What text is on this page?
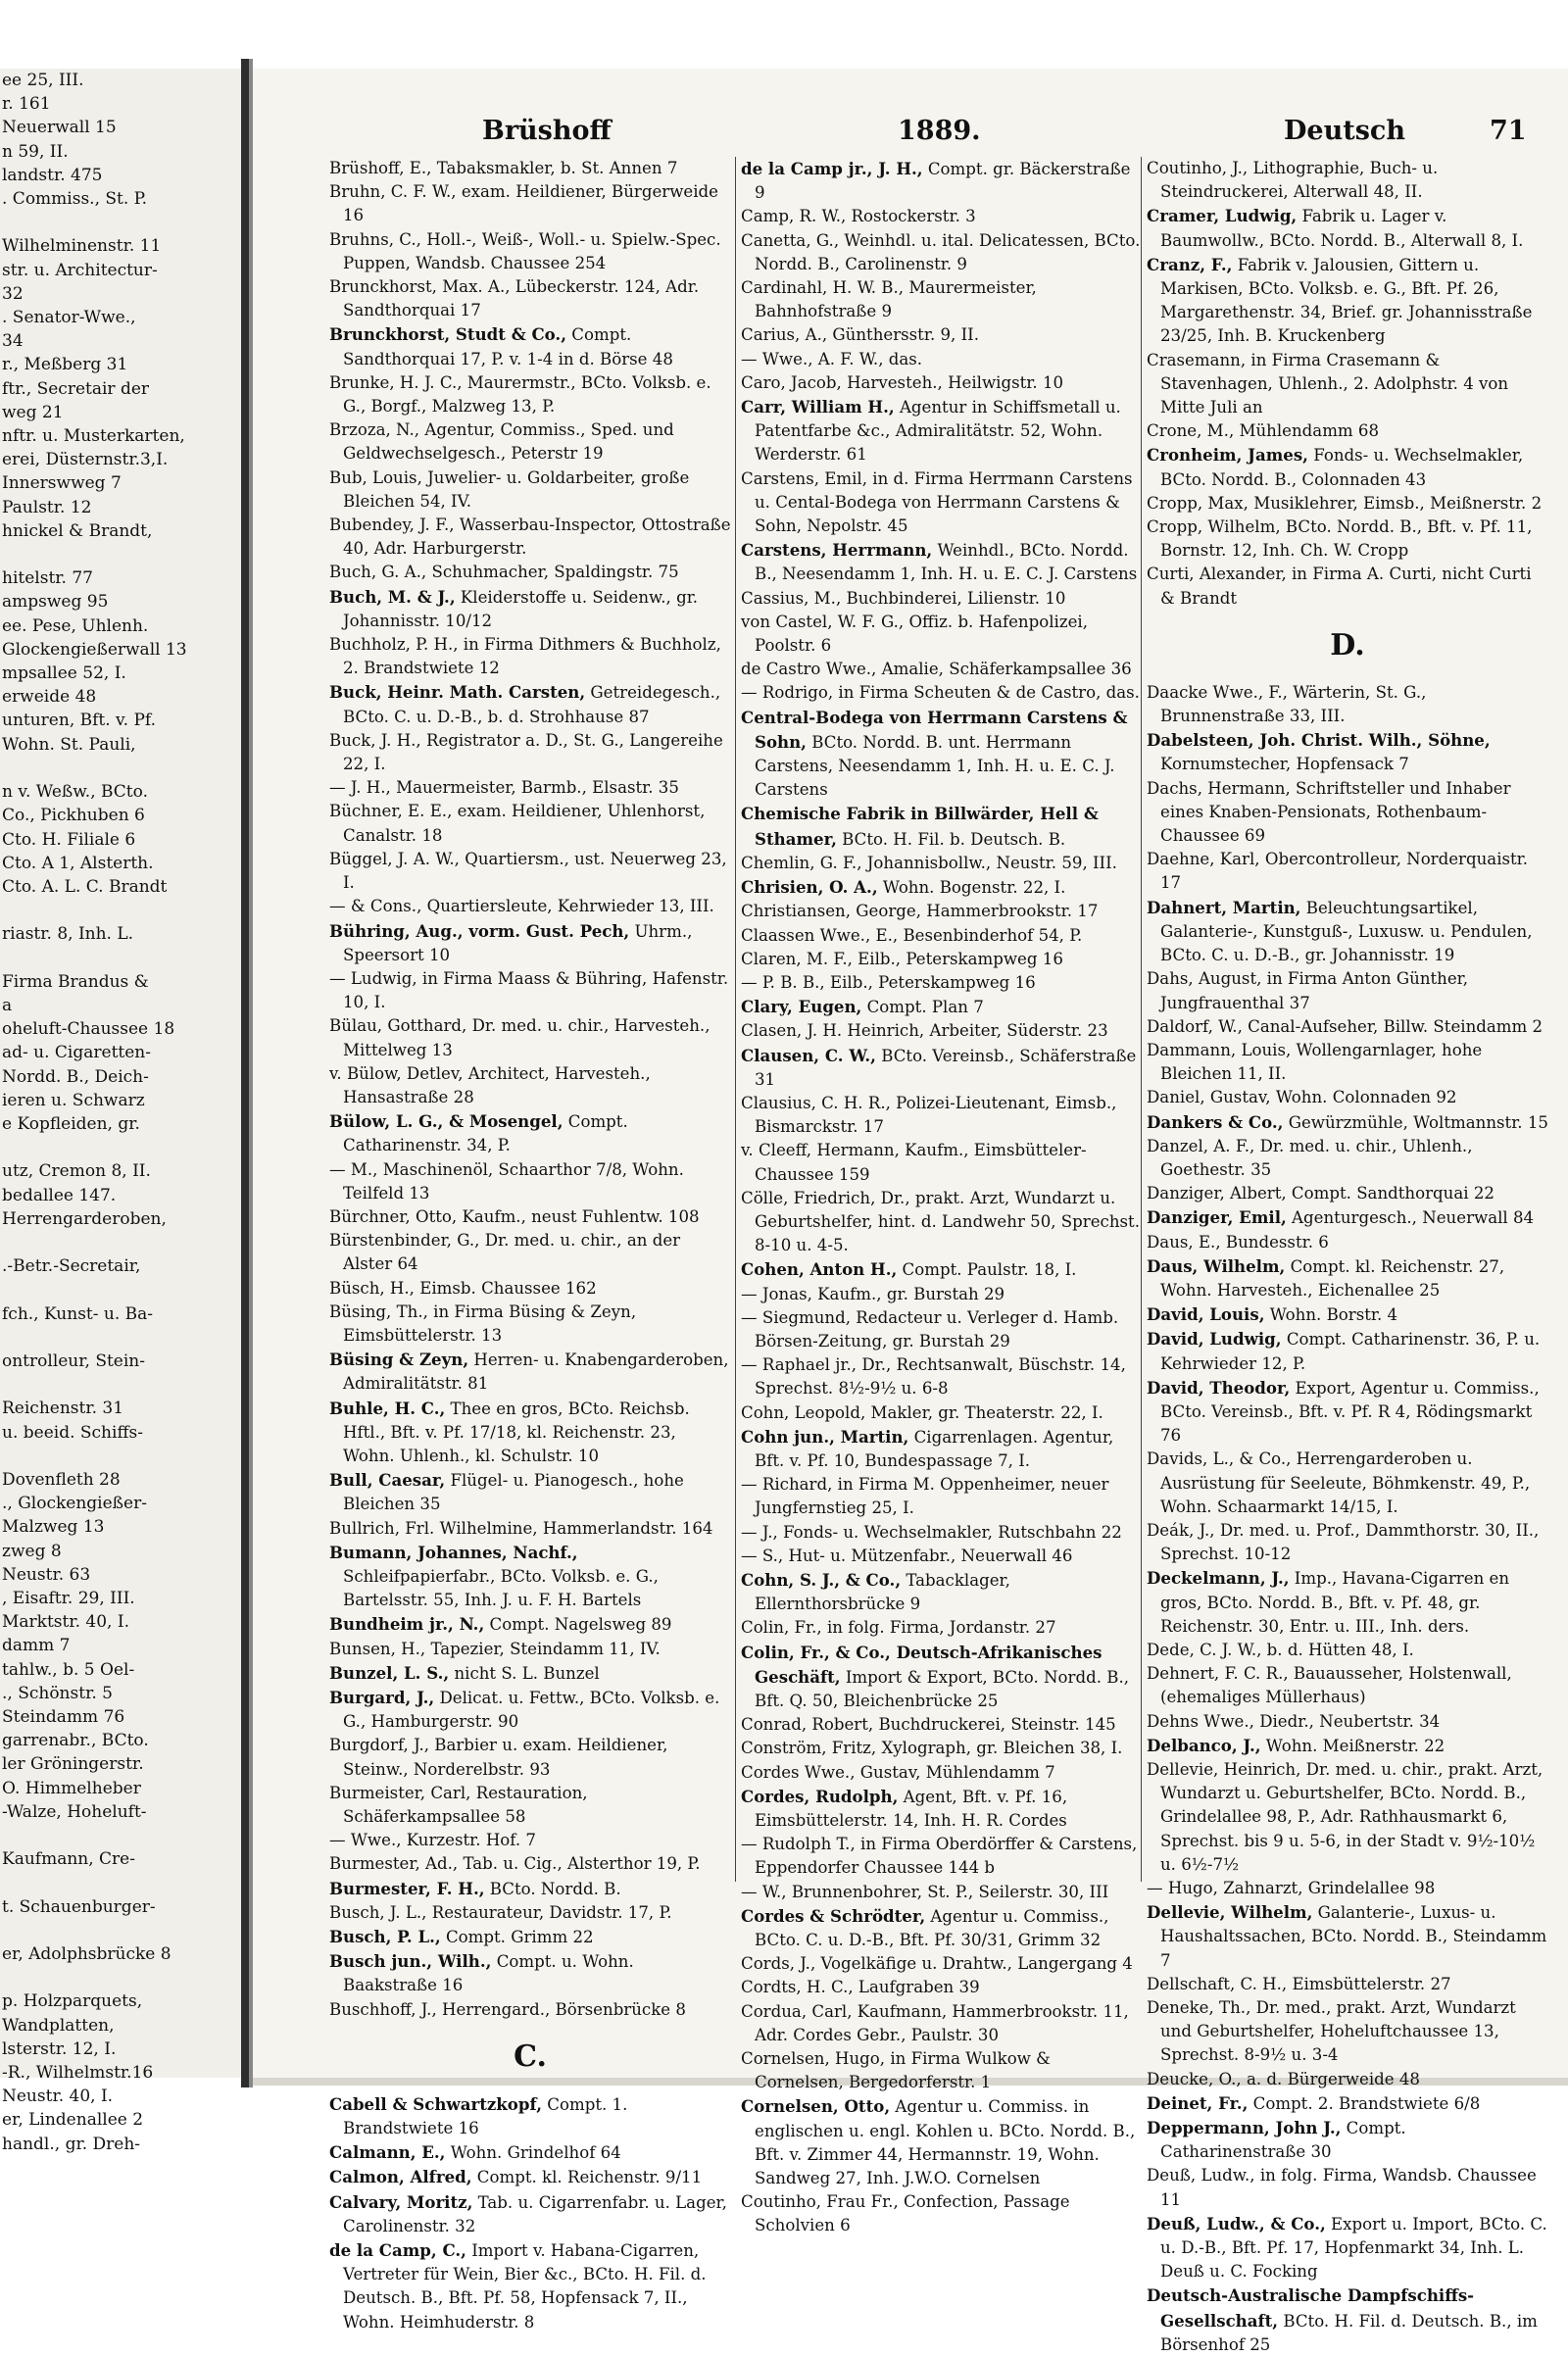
ee 25, III.
r. 161
Neuerwall 15
n 59, II.
landstr. 475
. Commiss., St. P.

Wilhelminenstr. 11
str. u. Architectur-
32
. Senator-Wwe.,
34
r., Meßberg 31
ftr., Secretair der
weg 21
nftr. u. Musterkarten,
erei, Düsternstr.3,I.
Innerswweg 7
Paulstr. 12
hnickel & Brandt,

hitelstr. 77
ampsweg 95
ee. Pese, Uhlenh.
Glockengießerwall 13
mpsallee 52, I.
erweide 48
unturen, Bft. v. Pf.
Wohn. St. Pauli,

n v. Weßw., BCto.
Co., Pickhuben 6
Cto. H. Filiale 6
Cto. A 1, Alsterth.
Cto. A. L. C. Brandt

riastr. 8, Inh. L.

Firma Brandus &
a
oheluft-Chaussee 18
ad- u. Cigaretten-
Nordd. B., Deich-
ieren u. Schwarz
e Kopfleiden, gr.

utz, Cremon 8, II.
bedallee 147.
Herrengarderoben,

.-Betr.-Secretair,

fch., Kunst- u. Ba-

ontrolleur, Stein-

Reichenstr. 31
u. beeid. Schiffs-

Dovenfleth 28
., Glockengießer-
Malzweg 13
zweg 8
Neustr. 63
, Eisaftr. 29, III.
Marktstr. 40, I.
damm 7
tahlw., b. 5 Oel-
., Schönstr. 5
Steindamm 76
garrenabr., BCto.
ler Gröningerstr.
O. Himmelheber
-Walze, Hoheluft-

Kaufmann, Cre-

t. Schauenburger-

er, Adolphsbrücke 8

p. Holzparquets,
Wandplatten,
lsterstr. 12, I.
-R., Wilhelmstr.16
Neustr. 40, I.
er, Lindenallee 2
handl., gr. Dreh-
Brüshoff	1889.	Deutsch	71
Brüshoff, E., Tabaksmakler, b. St. Annen 7
Bruhn, C. F. W., exam. Heildiener, Bürgerweide 16
Bruhns, C., Holl.-, Weiß-, Woll.- u. Spielw.-Spec. Puppen, Wandsb. Chaussee 254
Brunckhorst, Max. A., Lübeckerstr. 124, Adr. Sandthorquai 17
Brunckhorst, Studt & Co., Compt. Sandthorquai 17, P. v. 1-4 in d. Börse 48
Brunke, H. J. C., Maurermstr., BCto. Volksb. e. G., Borgf., Malzweg 13, P.
Brzoza, N., Agentur, Commiss., Sped. und Geldwechselgesch., Peterstr 19
Bub, Louis, Juwelier- u. Goldarbeiter, große Bleichen 54, IV.
Bubendey, J. F., Wasserbau-Inspector, Ottostraße 40, Adr. Harburgerstr.
Buch, G. A., Schuhmacher, Spaldingstr. 75
Buch, M. & J., Kleiderstoffe u. Seidenw., gr. Johannisstr. 10/12
Buchholz, P. H., in Firma Dithmers & Buchholz, 2. Brandstwiete 12
Buck, Heinr. Math. Carsten, Getreidegesch., BCto. C. u. D.-B., b. d. Strohhause 87
Buck, J. H., Registrator a. D., St. G., Langereihe 22, I.
— J. H., Mauermeister, Barmb., Elsastr. 35
Büchner, E. E., exam. Heildiener, Uhlenhorst, Canalstr. 18
Büggel, J. A. W., Quartiersm., ust. Neuerweg 23, I.
— & Cons., Quartiersleute, Kehrwieder 13, III.
Bühring, Aug., vorm. Gust. Pech, Uhrm., Speersort 10
— Ludwig, in Firma Maass & Bühring, Hafenstr. 10, I.
Bülau, Gotthard, Dr. med. u. chir., Harvesteh., Mittelweg 13
v. Bülow, Detlev, Architect, Harvesteh., Hansastraße 28
Bülow, L. G., & Mosengel, Compt. Catharinenstr. 34, P.
— M., Maschinenöl, Schaarthor 7/8, Wohn. Teilfeld 13
Bürchner, Otto, Kaufm., neust Fuhlentw. 108
Bürstenbinder, G., Dr. med. u. chir., an der Alster 64
Büsch, H., Eimsb. Chaussee 162
Büsing, Th., in Firma Büsing & Zeyn, Eimsbüttelerstr. 13
Büsing & Zeyn, Herren- u. Knabengarderoben, Admiralitätstr. 81
Buhle, H. C., Thee en gros, BCto. Reichsb. Hftl., Bft. v. Pf. 17/18, kl. Reichenstr. 23, Wohn. Uhlenh., kl. Schulstr. 10
Bull, Caesar, Flügel- u. Pianogesch., hohe Bleichen 35
Bullrich, Frl. Wilhelmine, Hammerlandstr. 164
Bumann, Johannes, Nachf., Schleifpapierfabr., BCto. Volksb. e. G., Bartelsstr. 55, Inh. J. u. F. H. Bartels
Bundheim jr., N., Compt. Nagelsweg 89
Bunsen, H., Tapezier, Steindamm 11, IV.
Bunzel, L. S., nicht S. L. Bunzel
Burgard, J., Delicat. u. Fettw., BCto. Volksb. e. G., Hamburgerstr. 90
Burgdorf, J., Barbier u. exam. Heildiener, Steinw., Norderelbstr. 93
Burmeister, Carl, Restauration, Schäferkampsallee 58
— Wwe., Kurzestr. Hof. 7
Burmester, Ad., Tab. u. Cig., Alsterthor 19, P.
Burmester, F. H., BCto. Nordd. B.
Busch, J. L., Restaurateur, Davidstr. 17, P.
Busch, P. L., Compt. Grimm 22
Busch jun., Wilh., Compt. u. Wohn. Baakstraße 16
Buschhoff, J., Herrengard., Börsenbrücke 8
C.
Cabell & Schwartzkopf, Compt. 1. Brandstwiete 16
Calmann, E., Wohn. Grindelhof 64
Calmon, Alfred, Compt. kl. Reichenstr. 9/11
Calvary, Moritz, Tab. u. Cigarrenfabr. u. Lager, Carolinenstr. 32
de la Camp, C., Import v. Habana-Cigarren, Vertreter für Wein, Bier &c., BCto. H. Fil. d. Deutsch. B., Bft. Pf. 58, Hopfensack 7, II., Wohn. Heimhuderstr. 8
de la Camp jr., J. H., Compt. gr. Bäckerstraße 9
Camp, R. W., Rostockerstr. 3
Canetta, G., Weinhdl. u. ital. Delicatessen, BCto. Nordd. B., Carolinenstr. 9
Cardinahl, H. W. B., Maurermeister, Bahnhofstraße 9
Carius, A., Günthersstr. 9, II.
— Wwe., A. F. W., das.
Caro, Jacob, Harvesteh., Heilwigstr. 10
Carr, William H., Agentur in Schiffsmetall u. Patentfarbe &c., Admiralitätstr. 52, Wohn. Werderstr. 61
Carstens, Emil, in d. Firma Herrmann Carstens u. Cental-Bodega von Herrmann Carstens & Sohn, Nepolstr. 45
Carstens, Herrmann, Weinhdl., BCto. Nordd. B., Neesendamm 1, Inh. H. u. E. C. J. Carstens
Cassius, M., Buchbinderei, Lilienstr. 10
von Castel, W. F. G., Offiz. b. Hafenpolizei, Poolstr. 6
de Castro Wwe., Amalie, Schäferkampsallee 36
— Rodrigo, in Firma Scheuten & de Castro, das.
Central-Bodega von Herrmann Carstens & Sohn, BCto. Nordd. B. unt. Herrmann Carstens, Neesendamm 1, Inh. H. u. E. C. J. Carstens
Chemische Fabrik in Billwärder, Hell & Sthamer, BCto. H. Fil. b. Deutsch. B.
Chemlin, G. F., Johannisbollw., Neustr. 59, III.
Chrisien, O. A., Wohn. Bogenstr. 22, I.
Christiansen, George, Hammerbrookstr. 17
Claassen Wwe., E., Besenbinderhof 54, P.
Claren, M. F., Eilb., Peterskampweg 16
— P. B. B., Eilb., Peterskampweg 16
Clary, Eugen, Compt. Plan 7
Clasen, J. H. Heinrich, Arbeiter, Süderstr. 23
Clausen, C. W., BCto. Vereinsb., Schäferstraße 31
Clausius, C. H. R., Polizei-Lieutenant, Eimsb., Bismarckstr. 17
v. Cleeff, Hermann, Kaufm., Eimsbütteler-Chaussee 159
Cölle, Friedrich, Dr., prakt. Arzt, Wundarzt u. Geburtshelfer, hint. d. Landwehr 50, Sprechst. 8-10 u. 4-5.
Cohen, Anton H., Compt. Paulstr. 18, I.
— Jonas, Kaufm., gr. Burstah 29
— Siegmund, Redacteur u. Verleger d. Hamb. Börsen-Zeitung, gr. Burstah 29
— Raphael jr., Dr., Rechtsanwalt, Büschstr. 14, Sprechst. 8½-9½ u. 6-8
Cohn, Leopold, Makler, gr. Theaterstr. 22, I.
Cohn jun., Martin, Cigarrenlagen. Agentur, Bft. v. Pf. 10, Bundespassage 7, I.
— Richard, in Firma M. Oppenheimer, neuer Jungfernstieg 25, I.
— J., Fonds- u. Wechselmakler, Rutschbahn 22
— S., Hut- u. Mützenfabr., Neuerwall 46
Cohn, S. J., & Co., Tabacklager, Ellernthorsbrücke 9
Colin, Fr., in folg. Firma, Jordanstr. 27
Colin, Fr., & Co., Deutsch-Afrikanisches Geschäft, Import & Export, BCto. Nordd. B., Bft. Q. 50, Bleichenbrücke 25
Conrad, Robert, Buchdruckerei, Steinstr. 145
Conström, Fritz, Xylograph, gr. Bleichen 38, I.
Cordes Wwe., Gustav, Mühlendamm 7
Cordes, Rudolph, Agent, Bft. v. Pf. 16, Eimsbüttelerstr. 14, Inh. H. R. Cordes
— Rudolph T., in Firma Oberdörffer & Carstens, Eppendorfer Chaussee 144 b
— W., Brunnenbohrer, St. P., Seilerstr. 30, III
Cordes & Schrödter, Agentur u. Commiss., BCto. C. u. D.-B., Bft. Pf. 30/31, Grimm 32
Cords, J., Vogelkäfige u. Drahtw., Langergang 4
Cordts, H. C., Laufgraben 39
Corduа, Carl, Kaufmann, Hammerbrookstr. 11, Adr. Cordes Gebr., Paulstr. 30
Cornelsen, Hugo, in Firma Wulkow & Cornelsen, Bergedorferstr. 1
Cornelsen, Otto, Agentur u. Commiss. in englischen u. engl. Kohlen u. BCto. Nordd. B., Bft. v. Zimmer 44, Hermannstr. 19, Wohn. Sandweg 27, Inh. J.W.O. Cornelsen
Coutinho, Frau Fr., Confection, Passage Scholvien 6
Coutinho, J., Lithographie, Buch- u. Steindruckerei, Alterwall 48, II.
Cramer, Ludwig, Fabrik u. Lager v. Baumwollw., BCto. Nordd. B., Alterwall 8, I.
Cranz, F., Fabrik v. Jalousien, Gittern u. Markisen, BCto. Volksb. e. G., Bft. Pf. 26, Margarethenstr. 34, Brief. gr. Johannisstraße 23/25, Inh. B. Kruckenberg
Crasemann, in Firma Crasemann & Stavenhagen, Uhlenh., 2. Adolphstr. 4 von Mitte Juli an
Crone, M., Mühlendamm 68
Cronheim, James, Fonds- u. Wechselmakler, BCto. Nordd. B., Colonnaden 43
Cropp, Max, Musiklehrer, Eimsb., Meißnerstr. 2
Cropp, Wilhelm, BCto. Nordd. B., Bft. v. Pf. 11, Bornstr. 12, Inh. Ch. W. Cropp
Curti, Alexander, in Firma A. Curti, nicht Curti & Brandt
D.
Daacke Wwe., F., Wärterin, St. G., Brunnenstraße 33, III.
Dabelsteen, Joh. Christ. Wilh., Söhne, Kornumstecher, Hopfensack 7
Dachs, Hermann, Schriftsteller und Inhaber eines Knaben-Pensionats, Rothenbaum-Chaussee 69
Daehne, Karl, Obercontrolleur, Norderquaistr. 17
Dahnert, Martin, Beleuchtungsartikel, Galanterie-, Kunstguß-, Luxusw. u. Pendulen, BCto. C. u. D.-B., gr. Johannisstr. 19
Dahs, August, in Firma Anton Günther, Jungfrauenthal 37
Daldorf, W., Canal-Aufseher, Billw. Steindamm 2
Dammann, Louis, Wollengarnlager, hohe Bleichen 11, II.
Daniel, Gustav, Wohn. Colonnaden 92
Dankers & Co., Gewürzmühle, Woltmannstr. 15
Danzel, A. F., Dr. med. u. chir., Uhlenh., Goethestr. 35
Danziger, Albert, Compt. Sandthorquai 22
Danziger, Emil, Agenturgesch., Neuerwall 84
Daus, E., Bundesstr. 6
Daus, Wilhelm, Compt. kl. Reichenstr. 27, Wohn. Harvesteh., Eichenallee 25
David, Louis, Wohn. Borstr. 4
David, Ludwig, Compt. Catharinenstr. 36, P. u. Kehrwieder 12, P.
David, Theodor, Export, Agentur u. Commiss., BCto. Vereinsb., Bft. v. Pf. R 4, Rödingsmarkt 76
Davids, L., & Co., Herrengarderoben u. Ausrüstung für Seeleute, Böhmkenstr. 49, P., Wohn. Schaarmarkt 14/15, I.
Deák, J., Dr. med. u. Prof., Dammthorstr. 30, II., Sprechst. 10-12
Deckelmann, J., Imp., Havana-Cigarren en gros, BCto. Nordd. B., Bft. v. Pf. 48, gr. Reichenstr. 30, Entr. u. III., Inh. ders.
Dede, C. J. W., b. d. Hütten 48, I.
Dehnert, F. C. R., Bauausseher, Holstenwall, (ehemaliges Müllerhaus)
Dehns Wwe., Diedr., Neubertstr. 34
Delbanco, J., Wohn. Meißnerstr. 22
Dellevie, Heinrich, Dr. med. u. chir., prakt. Arzt, Wundarzt u. Geburtshelfer, BCto. Nordd. B., Grindelallee 98, P., Adr. Rathhausmarkt 6, Sprechst. bis 9 u. 5-6, in der Stadt v. 9½-10½ u. 6½-7½
— Hugo, Zahnarzt, Grindelallee 98
Dellevie, Wilhelm, Galanterie-, Luxus- u. Haushaltssachen, BCto. Nordd. B., Steindamm 7
Dellschaft, C. H., Eimsbüttelerstr. 27
Deneke, Th., Dr. med., prakt. Arzt, Wundarzt und Geburtshelfer, Hoheluftchaussee 13, Sprechst. 8-9½ u. 3-4
Deucke, O., a. d. Bürgerweide 48
Deinet, Fr., Compt. 2. Brandstwiete 6/8
Deppermann, John J., Compt. Catharinenstraße 30
Deuß, Ludw., in folg. Firma, Wandsb. Chaussee 11
Deuß, Ludw., & Co., Export u. Import, BCto. C. u. D.-B., Bft. Pf. 17, Hopfenmarkt 34, Inh. L. Deuß u. C. Focking
Deutsch-Australische Dampfschiffs-Gesellschaft, BCto. H. Fil. d. Deutsch. B., im Börsenhof 25
